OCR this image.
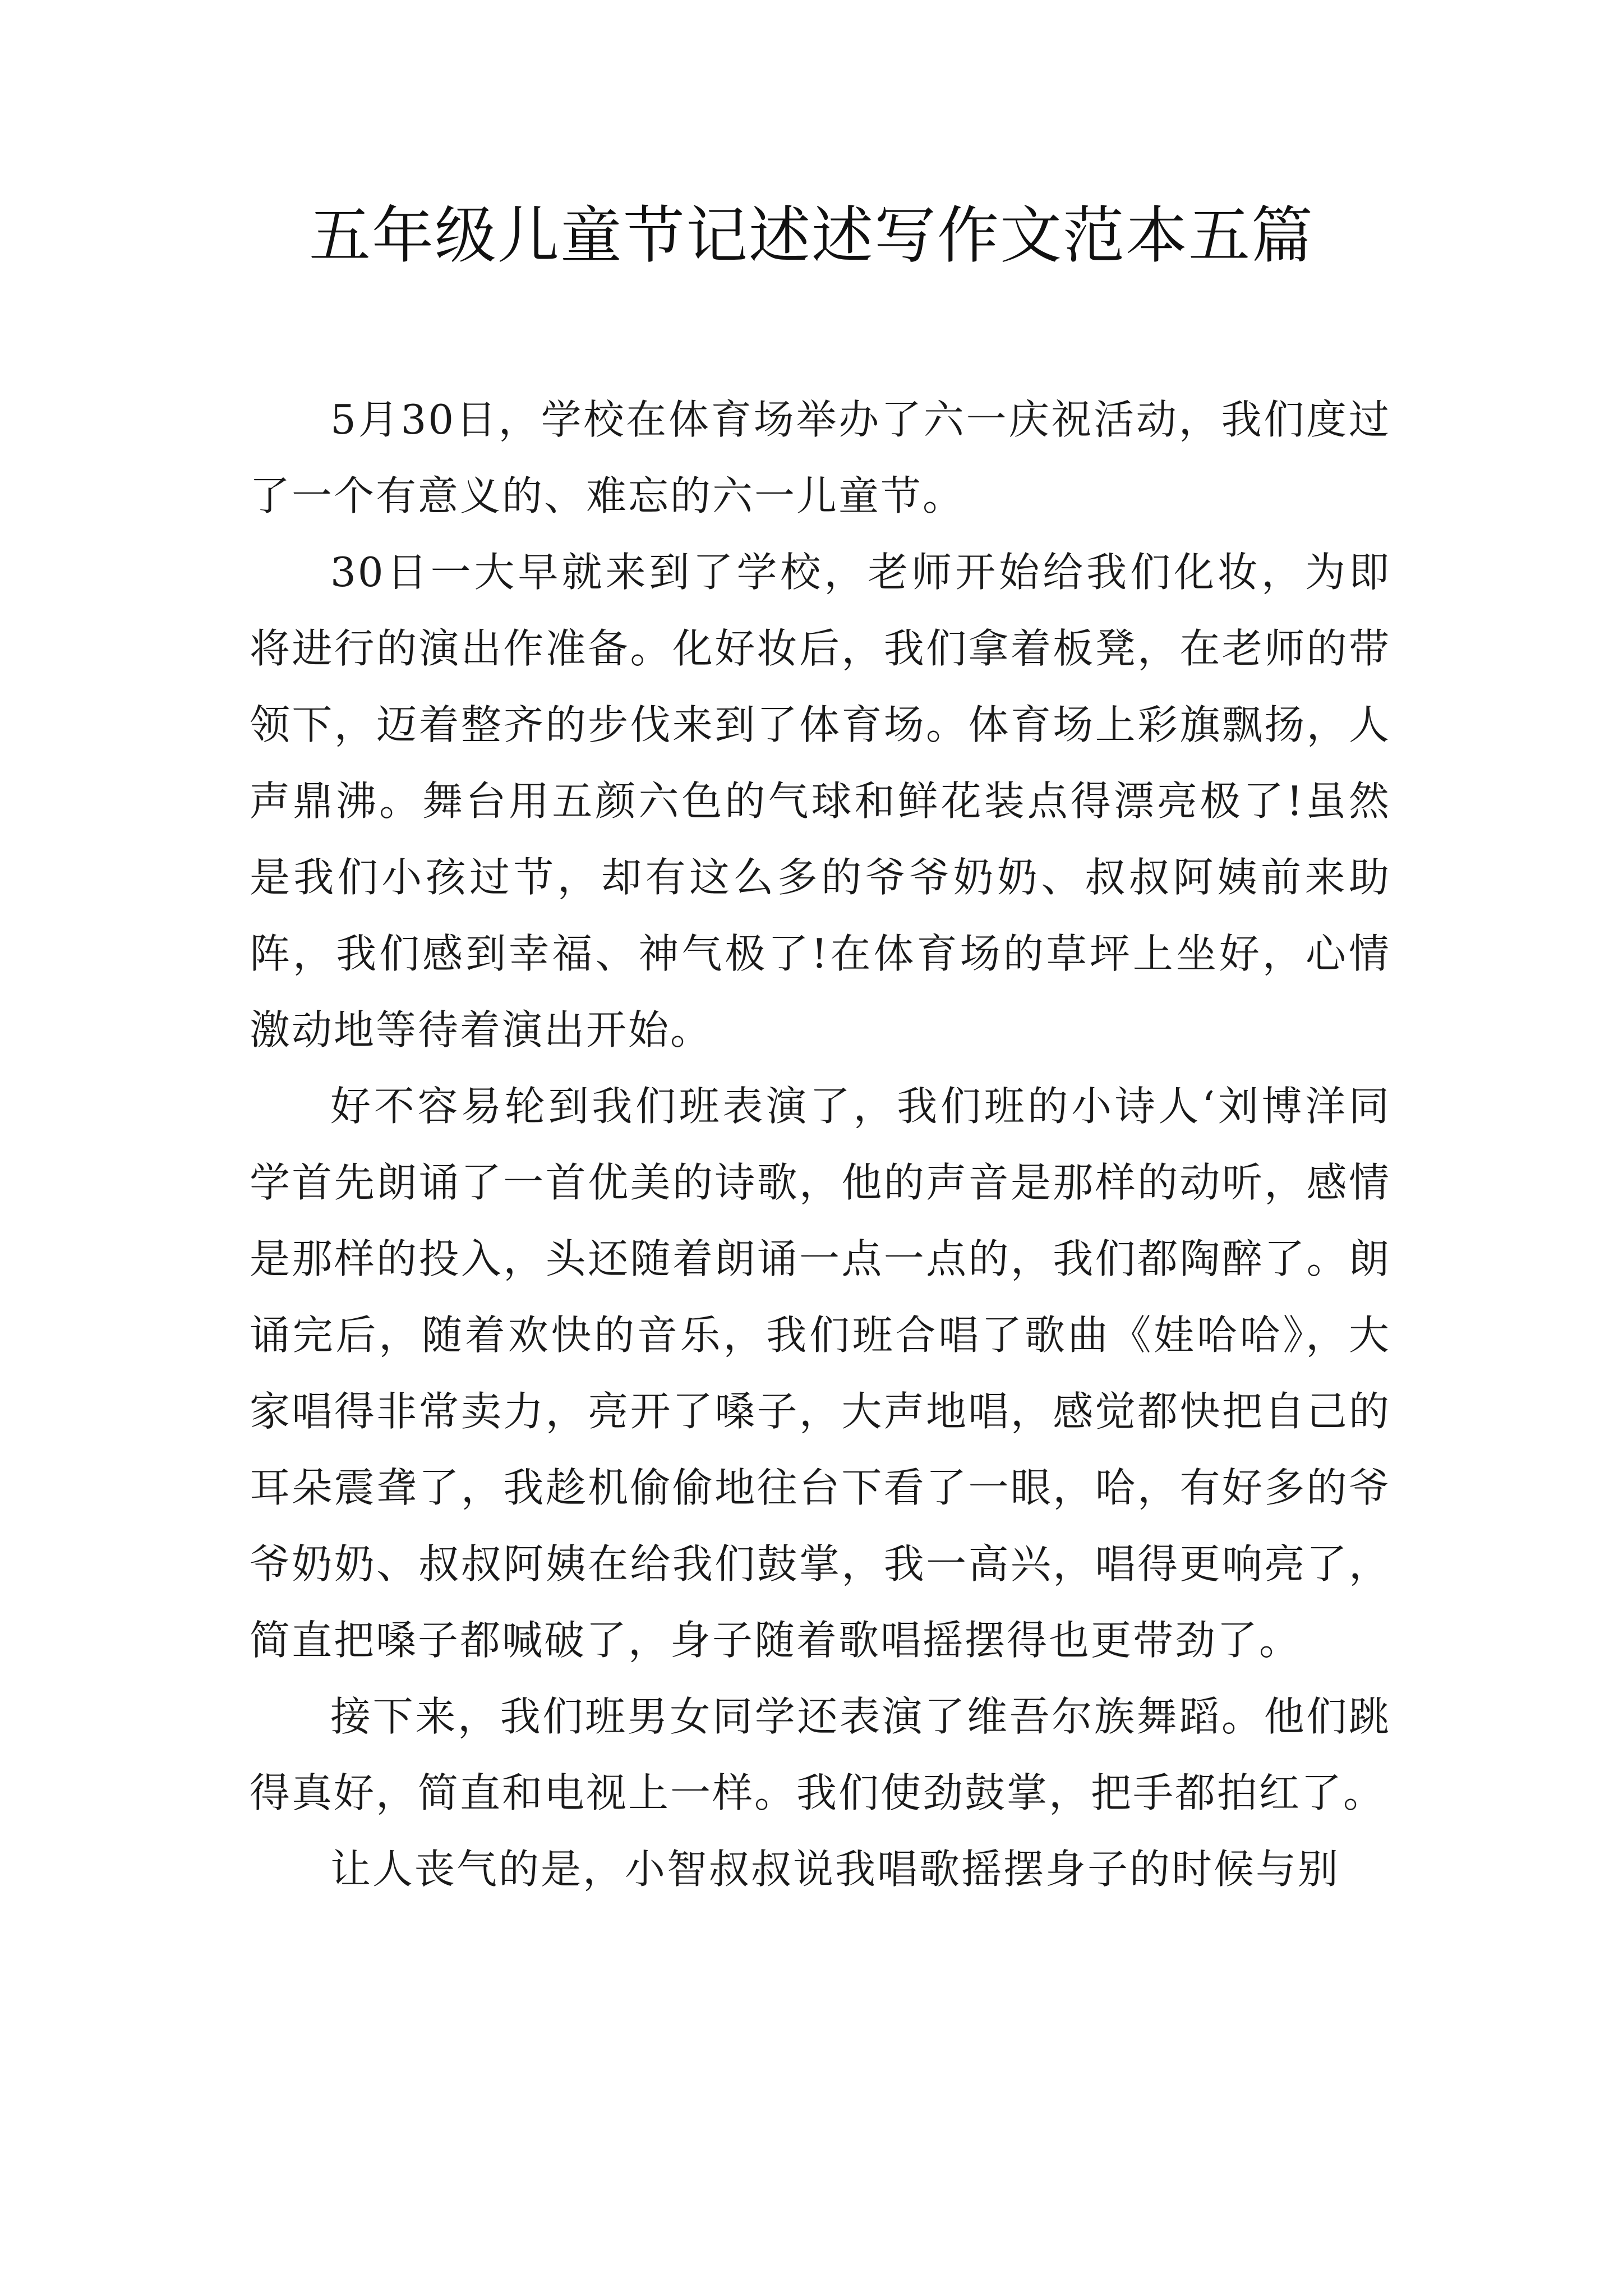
五年级儿童节记述述写作文范本五篇

5月30日，学校在体育场举办了六一庆祝活动，我们度过了一个有意义的、难忘的六一儿童节。

30日一大早就来到了学校，老师开始给我们化妆，为即将进行的演出作准备。化好妆后，我们拿着板凳，在老师的带领下，迈着整齐的步伐来到了体育场。体育场上彩旗飘扬，人声鼎沸。舞台用五颜六色的气球和鲜花装点得漂亮极了!虽然是我们小孩过节，却有这么多的爷爷奶奶、叔叔阿姨前来助阵，我们感到幸福、神气极了!在体育场的草坪上坐好，心情激动地等待着演出开始。

好不容易轮到我们班表演了，我们班的小诗人‘刘博洋同学首先朗诵了一首优美的诗歌，他的声音是那样的动听，感情是那样的投入，头还随着朗诵一点一点的，我们都陶醉了。朗诵完后，随着欢快的音乐，我们班合唱了歌曲《娃哈哈》，大家唱得非常卖力，亮开了嗓子，大声地唱，感觉都快把自己的耳朵震聋了，我趁机偷偷地往台下看了一眼，哈，有好多的爷爷奶奶、叔叔阿姨在给我们鼓掌，我一高兴，唱得更响亮了，简直把嗓子都喊破了，身子随着歌唱摇摆得也更带劲了。

接下来，我们班男女同学还表演了维吾尔族舞蹈。他们跳得真好，简直和电视上一样。我们使劲鼓掌，把手都拍红了。

让人丧气的是，小智叔叔说我唱歌摇摆身子的时候与别
